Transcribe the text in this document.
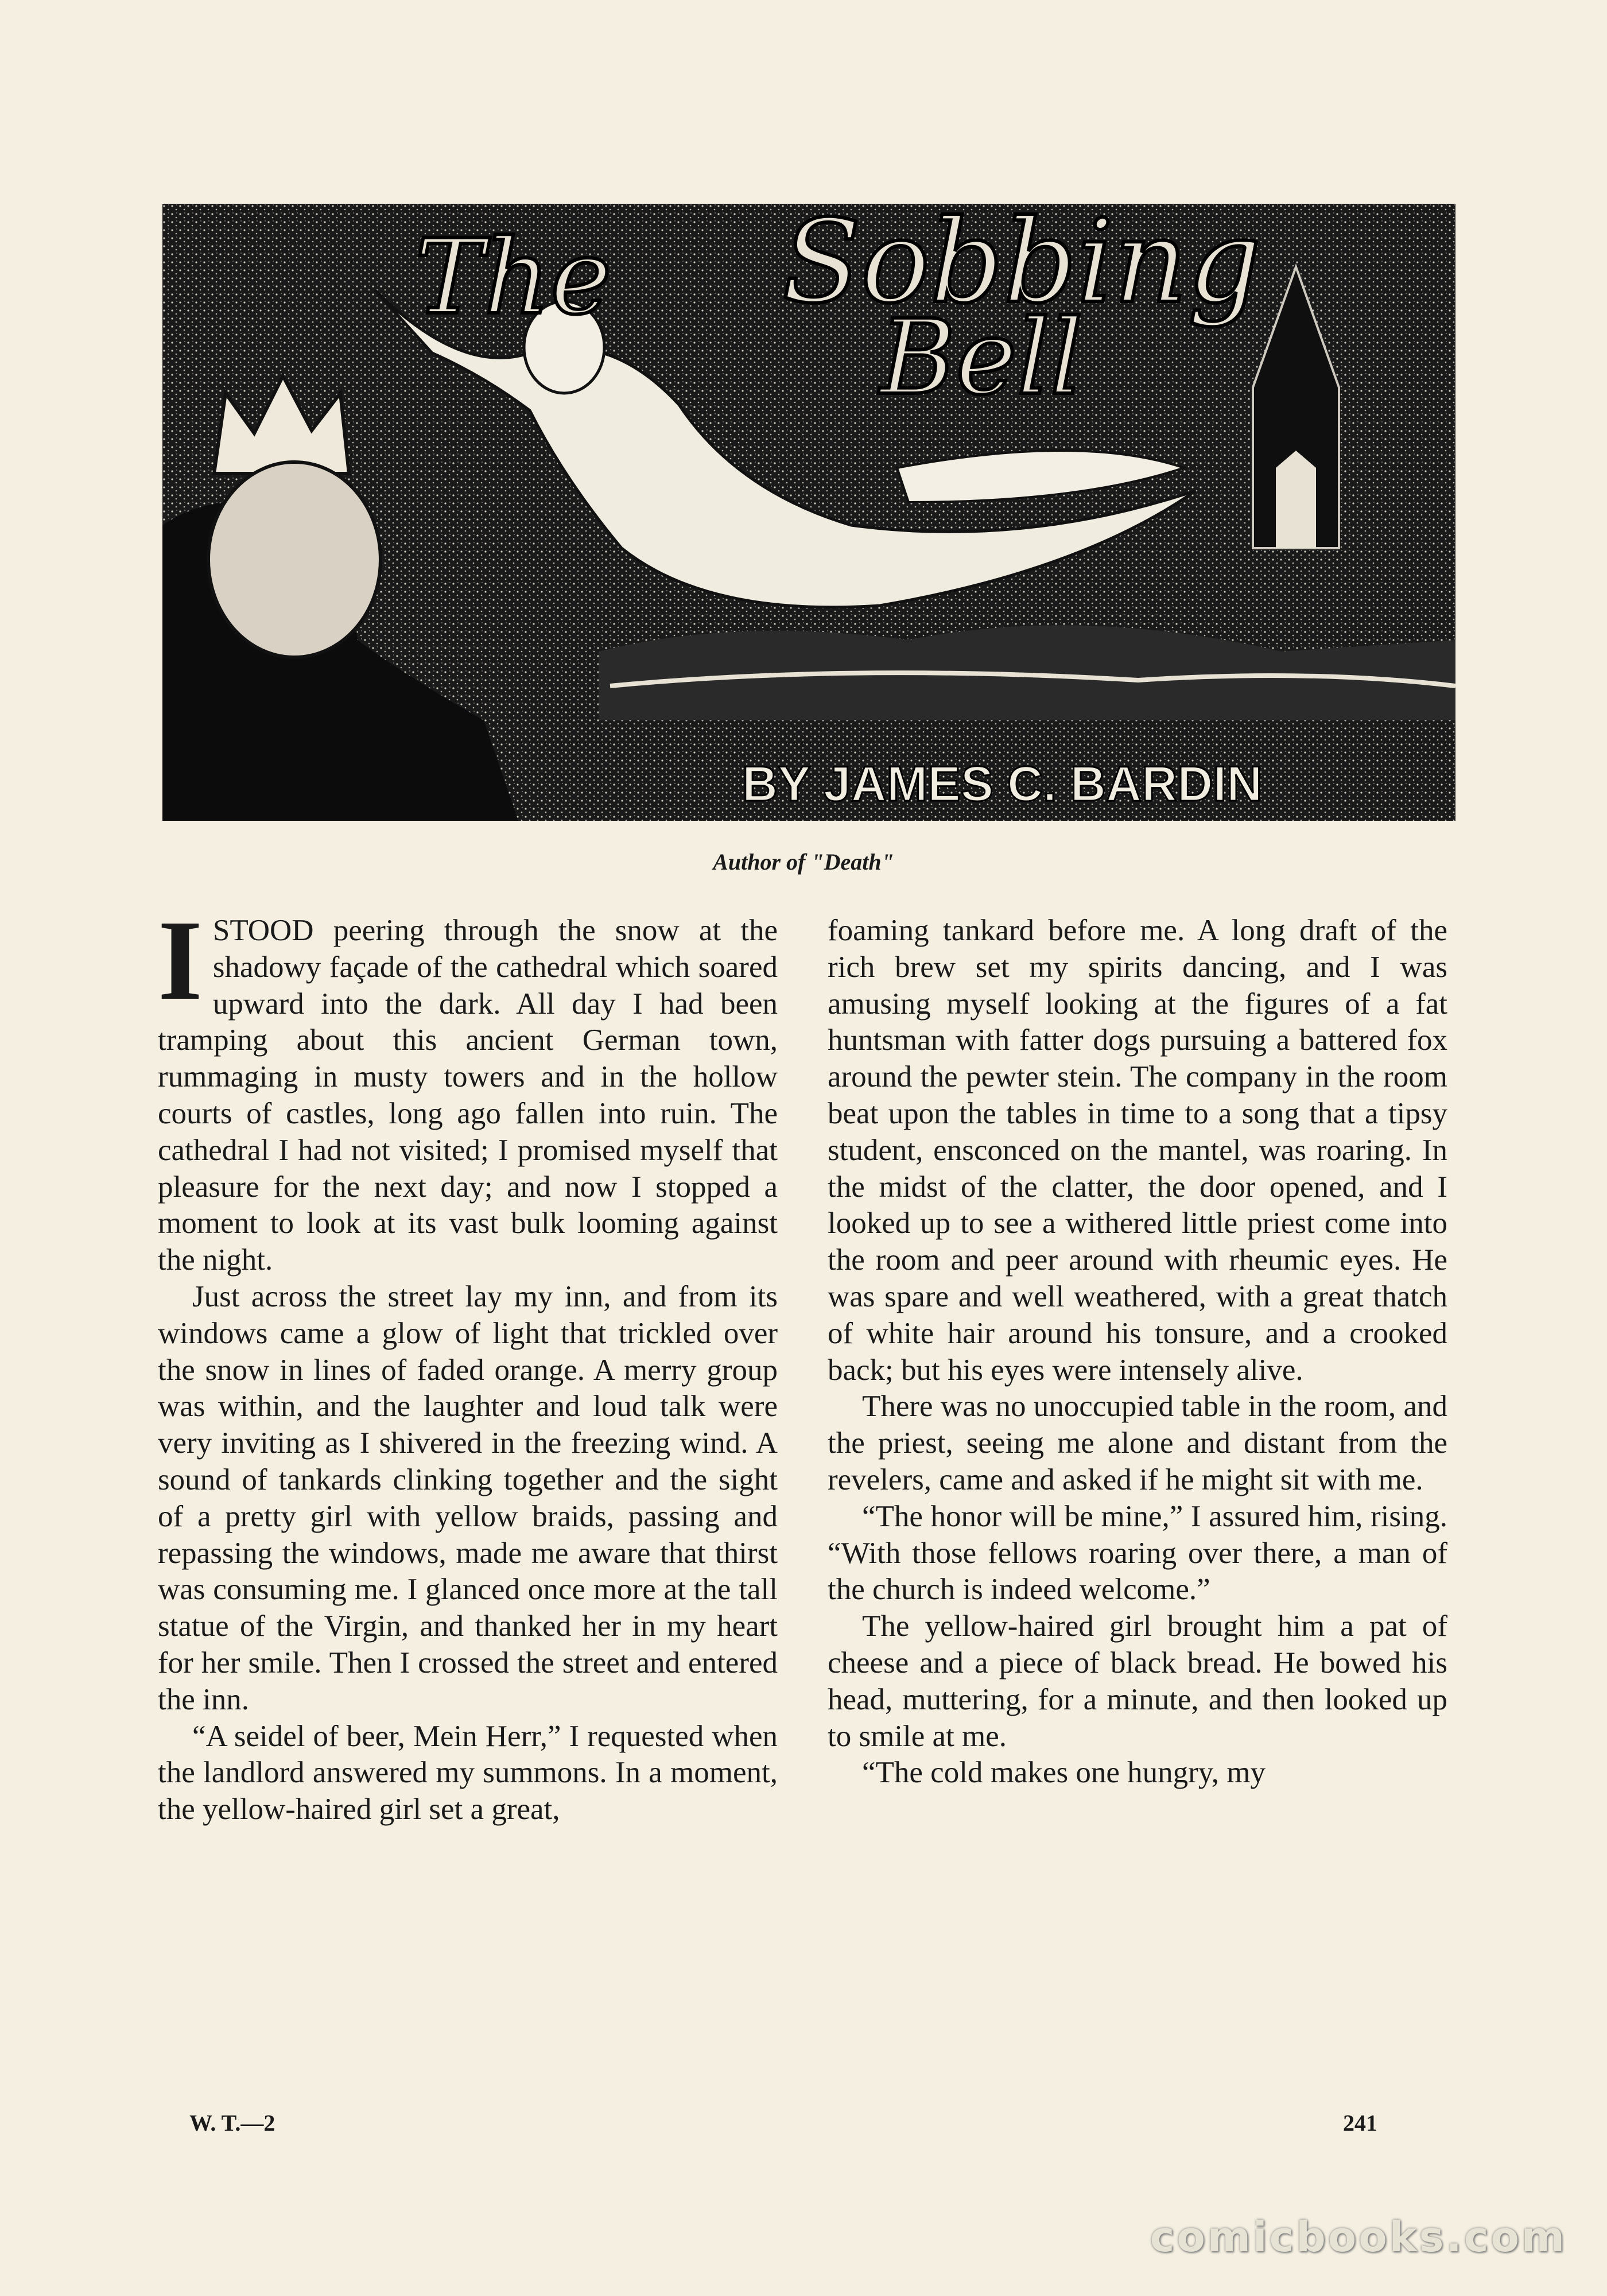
The Sobbing
Bell
BY JAMES C. BARDIN
Author of "Death"

ISTOOD peering through the snow at the shadowy façade of the cathedral which soared upward into the dark. All day I had been tramping about this ancient German town, rummaging in musty towers and in the hollow courts of castles, long ago fallen into ruin. The cathedral I had not visited; I promised myself that pleasure for the next day; and now I stopped a moment to look at its vast bulk looming against the night.

Just across the street lay my inn, and from its windows came a glow of light that trickled over the snow in lines of faded orange. A merry group was within, and the laughter and loud talk were very inviting as I shivered in the freezing wind. A sound of tankards clinking together and the sight of a pretty girl with yellow braids, passing and repassing the windows, made me aware that thirst was consuming me. I glanced once more at the tall statue of the Virgin, and thanked her in my heart for her smile. Then I crossed the street and entered the inn.

“A seidel of beer, Mein Herr,” I requested when the landlord answered my summons. In a moment, the yellow-haired girl set a great,

foaming tankard before me. A long draft of the rich brew set my spirits dancing, and I was amusing myself looking at the figures of a fat huntsman with fatter dogs pursuing a battered fox around the pewter stein. The company in the room beat upon the tables in time to a song that a tipsy student, ensconced on the mantel, was roaring. In the midst of the clatter, the door opened, and I looked up to see a withered little priest come into the room and peer around with rheumic eyes. He was spare and well weathered, with a great thatch of white hair around his tonsure, and a crooked back; but his eyes were intensely alive.

There was no unoccupied table in the room, and the priest, seeing me alone and distant from the revelers, came and asked if he might sit with me.

“The honor will be mine,” I assured him, rising. “With those fellows roaring over there, a man of the church is indeed welcome.”

The yellow-haired girl brought him a pat of cheese and a piece of black bread. He bowed his head, muttering, for a minute, and then looked up to smile at me.

“The cold makes one hungry, my

W. T.—2	241
comicbooks.com
